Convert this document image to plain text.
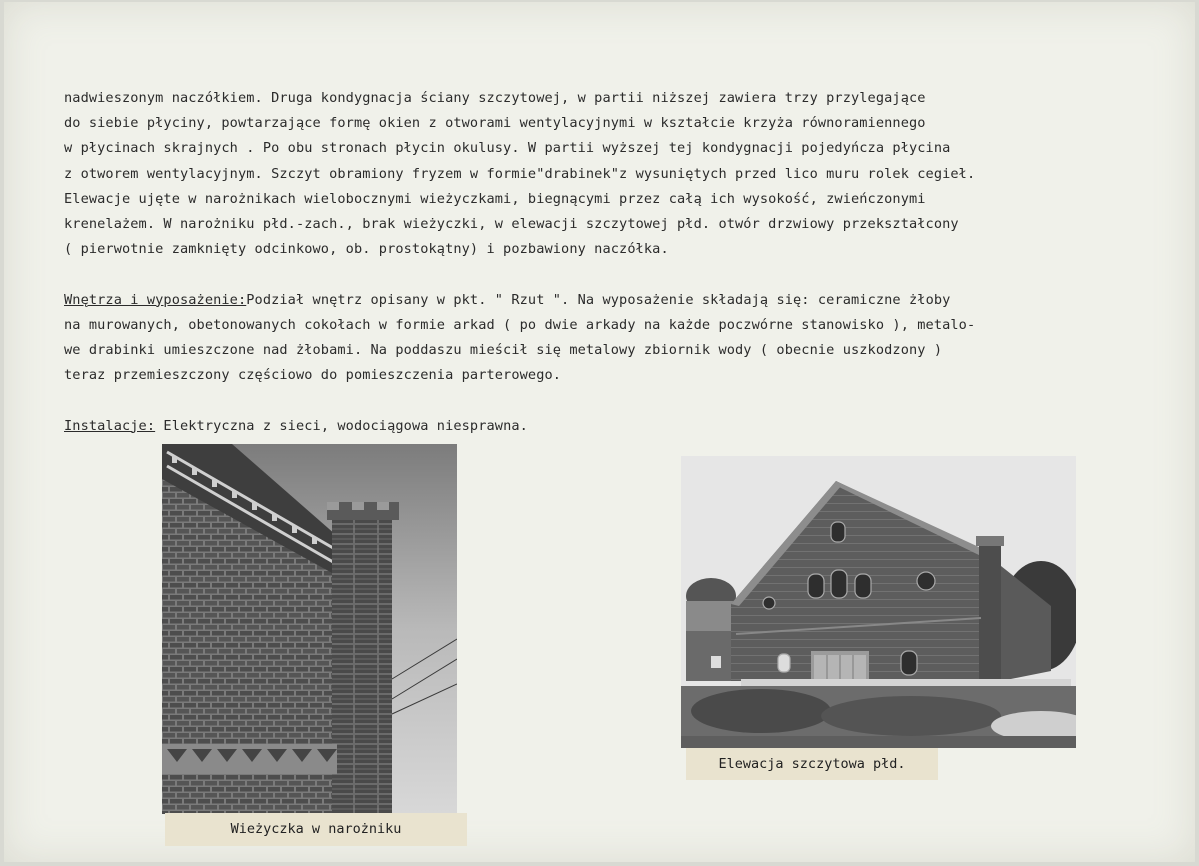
nadwieszonym naczółkiem. Druga kondygnacja ściany szczytowej, w partii niższej zawiera trzy przylegające

do siebie płyciny, powtarzające formę okien z otworami wentylacyjnymi w kształcie krzyża równoramiennego

w płycinach skrajnych . Po obu stronach płycin okulusy. W partii wyższej tej kondygnacji pojedyńcza płycina

z otworem wentylacyjnym. Szczyt obramiony fryzem w formie"drabinek"z wysuniętych przed lico muru rolek cegieł.

Elewacje ujęte w narożnikach wielobocznymi wieżyczkami, biegnącymi przez całą ich wysokość, zwieńczonymi

krenelażem. W narożniku płd.-zach., brak wieżyczki, w elewacji szczytowej płd. otwór drzwiowy przekształcony

( pierwotnie zamknięty odcinkowo, ob. prostokątny) i pozbawiony naczółka.

Wnętrza i wyposażenie:Podział wnętrz opisany w pkt. " Rzut ". Na wyposażenie składają się: ceramiczne żłoby

na murowanych, obetonowanych cokołach w formie arkad ( po dwie arkady na każde poczwórne stanowisko ), metalo-

we drabinki umieszczone nad żłobami. Na poddaszu mieścił się metalowy zbiornik wody ( obecnie uszkodzony )

teraz przemieszczony częściowo do pomieszczenia parterowego.

Instalacje: Elektryczna z sieci, wodociągowa niesprawna.

Wieżyczka w narożniku
Elewacja szczytowa płd.
